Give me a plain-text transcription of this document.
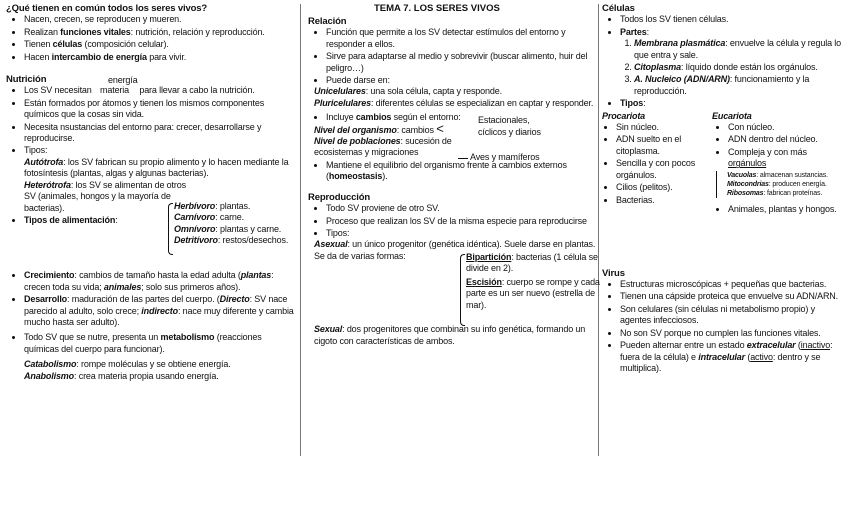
TEMA 7. LOS SERES VIVOS
¿Qué tienen en común todos los seres vivos?
• Nacen, crecen, se reproducen y mueren.
• Realizan funciones vitales: nutrición, relación y reproducción.
• Tienen células (composición celular).
• Hacen intercambio de energía para vivir.
Nutrición
• Los SV necesitan
energía
materia para llevar a cabo la nutrición.
• Están formados por átomos y tienen los mismos componentes químicos que la cosas sin vida.
• Necesita nsustancias del entorno para: crecer, desarrollarse y reproducirse.
• Tipos:

Autótrofa: los SV fabrican su propio alimento y lo hacen mediante la fotosíntesis (plantas, algas y algunas bacterias).

Heterótrofa: los SV se alimentan de otros SV (animales, hongos y la mayoría de bacterias).

• Tipos de alimentación:
Herbívoro: plantas.
Carnívoro: carne.
Omnívoro: plantas y carne.
Detritívoro: restos/desechos.
• Crecimiento: cambios de tamaño hasta la edad adulta (plantas: crecen toda su vida; animales; solo sus primeros años).
• Desarrollo: maduración de las partes del cuerpo. (Directo: SV nace parecido al adulto, solo crece; indirecto: nace muy diferente y cambia mucho hasta ser adulto).
• Todo SV que se nutre, presenta un metabolismo (reacciones químicas del cuerpo para funcionar).
Catabolismo: rompe moléculas y se obtiene energía.
Anabolismo: crea materia propia usando energía.
Relación
• Función que permite a los SV detectar estímulos del entorno y responder a ellos.
• Sirve para adaptarse al medio y sobrevivir (buscar alimento, huir del peligro…)
• Puede darse en:
Unicelulares: una sola célula, capta y responde.
Pluricelulares: diferentes células se especializan en captar y responder.
• Incluye cambios según el entorno:
Nivel del organismo: cambios <
Nivel de poblaciones: sucesión de ecosistemas y migraciones
Estacionales, cíclicos y diarios
Aves y mamíferos
• Mantiene el equilibrio del organismo frente a cambios externos (homeostasis).
Reproducción
• Todo SV proviene de otro SV.
• Proceso que realizan los SV de la misma especie para reproducirse
• Tipos:

Asexual: un único progenitor (genética idéntica). Suele darse en plantas. Se da de varias formas:	Bipartición: bacterias (1 célula se divide en 2).
Escisión: cuerpo se rompe y cada parte es un ser nuevo (estrella de mar).

Sexual: dos progenitores que combinan su info genética, formando un cigoto con características de ambos.

Células
• Todos los SV tienen células.
• Partes:
1. Membrana plasmática: envuelve la célula y regula lo que entra y sale.
2. Citoplasma: líquido donde están los orgánulos.
3. A. Nucleico (ADN/ARN): funcionamiento y la reproducción.
• Tipos:
Procariota
• Sin núcleo.
• ADN suelto en el citoplasma.
• Sencilla y con pocos orgánulos.
• Cilios (pelitos).
• Bacterias.
Eucariota
• Con núcleo.
• ADN dentro del núcleo.
• Compleja y con más
orgánulos
Vacuolas: almacenan sustancias.
Mitocondrias: producen energía.
Ribosomas: fabrican proteínas.
• Animales, plantas y hongos.
Virus
• Estructuras microscópicas + pequeñas que bacterias.
• Tienen una cápside proteica que envuelve su ADN/ARN.
• Son celulares (sin células ni metabolismo propio) y agentes infecciosos.
• No son SV porque no cumplen las funciones vitales.
• Pueden alternar entre un estado extracelular (inactivo: fuera de la célula) e intracelular (activo: dentro y se multiplica).
